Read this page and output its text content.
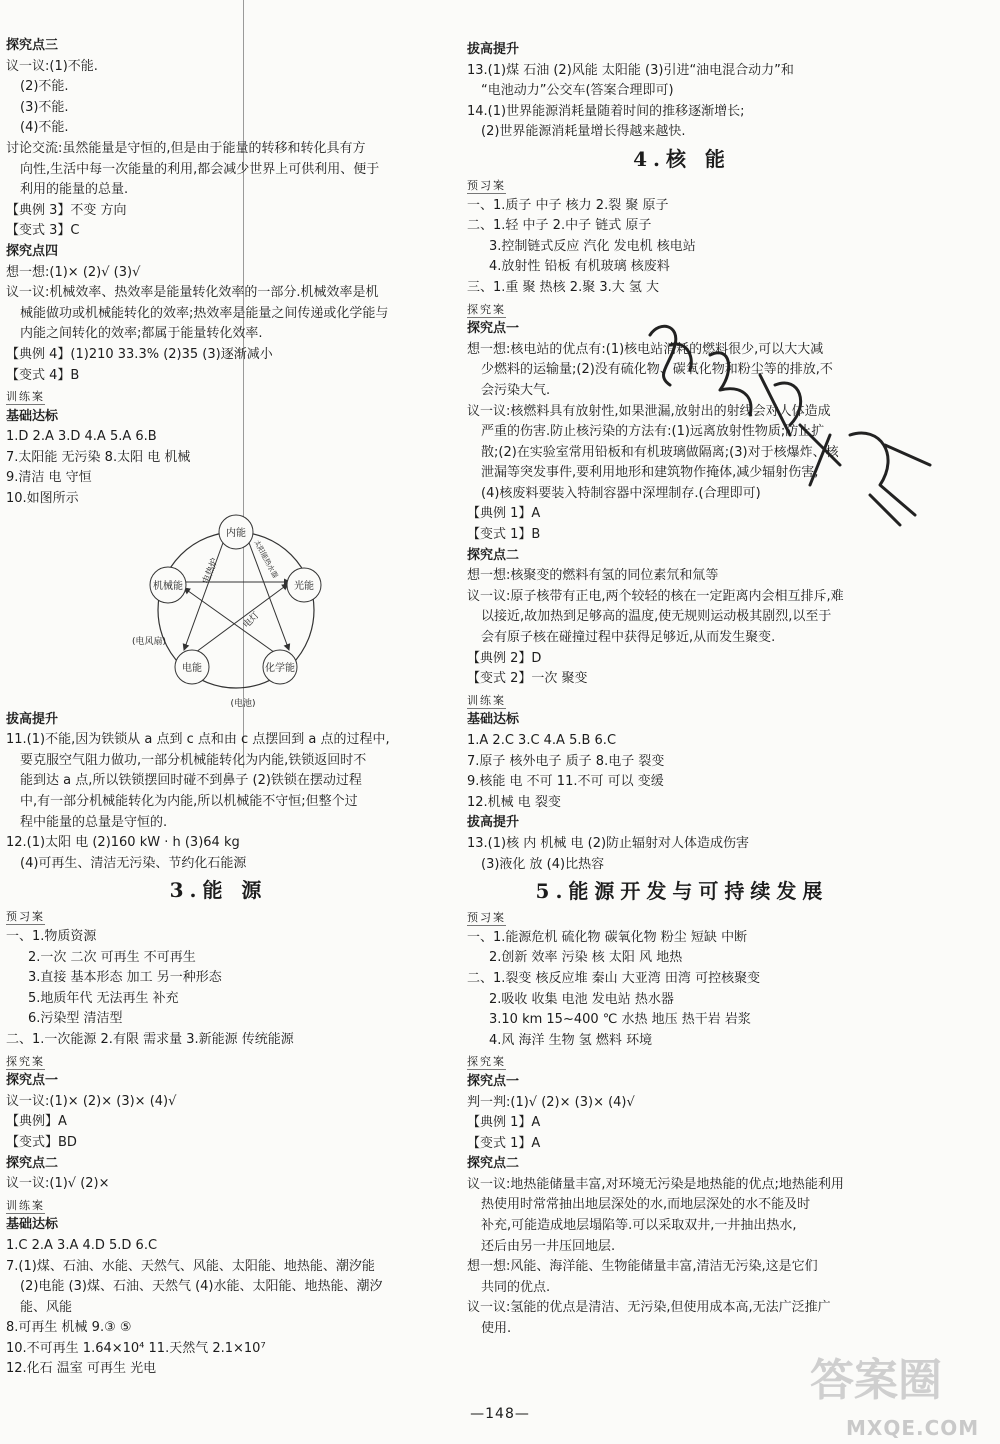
探究点三
议一议:(1)不能.
(2)不能.
(3)不能.
(4)不能.
讨论交流:虽然能量是守恒的,但是由于能量的转移和转化具有方
向性,生活中每一次能量的利用,都会减少世界上可供利用、便于
利用的能量的总量.
【典例 3】不变 方向
【变式 3】C
探究点四
想一想:(1)× (2)√ (3)√
议一议:机械效率、热效率是能量转化效率的一部分.机械效率是机
械能做功或机械能转化的效率;热效率是能量之间传递或化学能与
内能之间转化的效率;都属于能量转化效率.
【典例 4】(1)210 33.3% (2)35 (3)逐渐减小
【变式 4】B
训练案
基础达标
1.D 2.A 3.D 4.A 5.A 6.B
7.太阳能 无污染 8.太阳 电 机械
9.清洁 电 守恒
10.如图所示
内能
机械能	光能
电能	化学能
电热炉	太阳能热水器
电灯
(电风扇)
(电池)
拔高提升
11.(1)不能,因为铁锁从 a 点到 c 点和由 c 点摆回到 a 点的过程中,
要克服空气阻力做功,一部分机械能转化为内能,铁锁返回时不
能到达 a 点,所以铁锁摆回时碰不到鼻子 (2)铁锁在摆动过程
中,有一部分机械能转化为内能,所以机械能不守恒;但整个过
程中能量的总量是守恒的.
12.(1)太阳 电 (2)160 kW · h (3)64 kg
(4)可再生、清洁无污染、节约化石能源
3.能 源
预习案
一、1.物质资源
2.一次 二次 可再生 不可再生
3.直接 基本形态 加工 另一种形态
5.地质年代 无法再生 补充
6.污染型 清洁型
二、1.一次能源 2.有限 需求量 3.新能源 传统能源
探究案
探究点一
议一议:(1)× (2)× (3)× (4)√
【典例】A
【变式】BD
探究点二
议一议:(1)√ (2)×
训练案
基础达标
1.C 2.A 3.A 4.D 5.D 6.C
7.(1)煤、石油、水能、天然气、风能、太阳能、地热能、潮汐能
(2)电能 (3)煤、石油、天然气 (4)水能、太阳能、地热能、潮汐
能、风能
8.可再生 机械 9.③ ⑤
10.不可再生 1.64×10⁴ 11.天然气 2.1×10⁷
12.化石 温室 可再生 光电
拔高提升
13.(1)煤 石油 (2)风能 太阳能 (3)引进“油电混合动力”和
“电池动力”公交车(答案合理即可)
14.(1)世界能源消耗量随着时间的推移逐渐增长;
(2)世界能源消耗量增长得越来越快.
4.核 能
预习案
一、1.质子 中子 核力 2.裂 聚 原子
二、1.轻 中子 2.中子 链式 原子
3.控制链式反应 汽化 发电机 核电站
4.放射性 铅板 有机玻璃 核废料
三、1.重 聚 热核 2.聚 3.大 氢 大
探究案
探究点一
想一想:核电站的优点有:(1)核电站消耗的燃料很少,可以大大减
少燃料的运输量;(2)没有硫化物、碳氧化物和粉尘等的排放,不
会污染大气.
议一议:核燃料具有放射性,如果泄漏,放射出的射线会对人体造成
严重的伤害.防止核污染的方法有:(1)远离放射性物质;防止扩
散;(2)在实验室常用铅板和有机玻璃做隔离;(3)对于核爆炸、核
泄漏等突发事件,要利用地形和建筑物作掩体,减少辐射伤害;
(4)核废料要装入特制容器中深埋制存.(合理即可)
【典例 1】A
【变式 1】B
探究点二
想一想:核聚变的燃料有氢的同位素氘和氚等
议一议:原子核带有正电,两个较轻的核在一定距离内会相互排斥,难
以接近,故加热到足够高的温度,使无规则运动极其剧烈,以至于
会有原子核在碰撞过程中获得足够近,从而发生聚变.
【典例 2】D
【变式 2】一次 聚变
训练案
基础达标
1.A 2.C 3.C 4.A 5.B 6.C
7.原子 核外电子 质子 8.电子 裂变
9.核能 电 不可 11.不可 可以 变缓
12.机械 电 裂变
拔高提升
13.(1)核 内 机械 电 (2)防止辐射对人体造成伤害
(3)液化 放 (4)比热容
5.能源开发与可持续发展
预习案
一、1.能源危机 硫化物 碳氧化物 粉尘 短缺 中断
2.创新 效率 污染 核 太阳 风 地热
二、1.裂变 核反应堆 秦山 大亚湾 田湾 可控核聚变
2.吸收 收集 电池 发电站 热水器
3.10 km 15~400 ℃ 水热 地压 热干岩 岩浆
4.风 海洋 生物 氢 燃料 环境
探究案
探究点一
判一判:(1)√ (2)× (3)× (4)√
【典例 1】A
【变式 1】A
探究点二
议一议:地热能储量丰富,对环境无污染是地热能的优点;地热能利用
热使用时常常抽出地层深处的水,而地层深处的水不能及时
补充,可能造成地层塌陷等.可以采取双井,一井抽出热水,
还后由另一井压回地层.
想一想:风能、海洋能、生物能储量丰富,清洁无污染,这是它们
共同的优点.
议一议:氢能的优点是清洁、无污染,但使用成本高,无法广泛推广
使用.
—148—
答案圈
MXQE.COM
